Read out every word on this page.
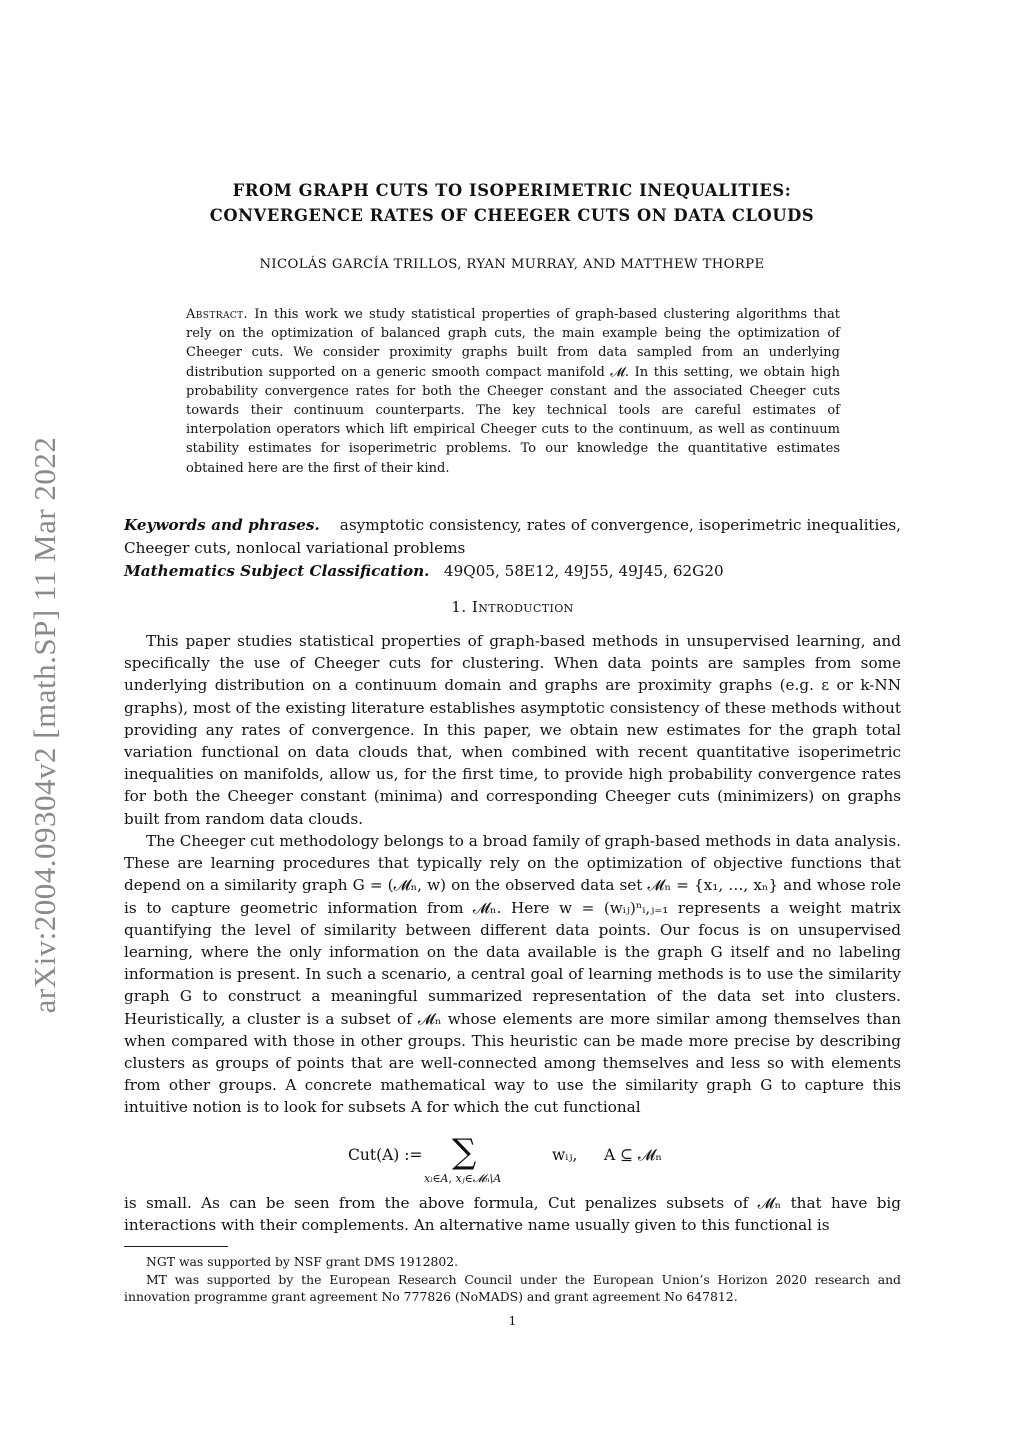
arXiv:2004.09304v2 [math.SP] 11 Mar 2022
FROM GRAPH CUTS TO ISOPERIMETRIC INEQUALITIES:
CONVERGENCE RATES OF CHEEGER CUTS ON DATA CLOUDS
NICOLÁS GARCÍA TRILLOS, RYAN MURRAY, AND MATTHEW THORPE
Abstract. In this work we study statistical properties of graph-based clustering algorithms that rely on the optimization of balanced graph cuts, the main example being the optimization of Cheeger cuts. We consider proximity graphs built from data sampled from an underlying distribution supported on a generic smooth compact manifold 𝓜. In this setting, we obtain high probability convergence rates for both the Cheeger constant and the associated Cheeger cuts towards their continuum counterparts. The key technical tools are careful estimates of interpolation operators which lift empirical Cheeger cuts to the continuum, as well as continuum stability estimates for isoperimetric problems. To our knowledge the quantitative estimates obtained here are the first of their kind.
Keywords and phrases. asymptotic consistency, rates of convergence, isoperimetric inequalities, Cheeger cuts, nonlocal variational problems
Mathematics Subject Classification. 49Q05, 58E12, 49J55, 49J45, 62G20
1. Introduction
This paper studies statistical properties of graph-based methods in unsupervised learning, and specifically the use of Cheeger cuts for clustering. When data points are samples from some underlying distribution on a continuum domain and graphs are proximity graphs (e.g. ε or k-NN graphs), most of the existing literature establishes asymptotic consistency of these methods without providing any rates of convergence. In this paper, we obtain new estimates for the graph total variation functional on data clouds that, when combined with recent quantitative isoperimetric inequalities on manifolds, allow us, for the first time, to provide high probability convergence rates for both the Cheeger constant (minima) and corresponding Cheeger cuts (minimizers) on graphs built from random data clouds.
The Cheeger cut methodology belongs to a broad family of graph-based methods in data analysis. These are learning procedures that typically rely on the optimization of objective functions that depend on a similarity graph G = (𝓜ₙ, w) on the observed data set 𝓜ₙ = {x₁, …, xₙ} and whose role is to capture geometric information from 𝓜ₙ. Here w = (wᵢⱼ)ⁿᵢ,ⱼ₌₁ represents a weight matrix quantifying the level of similarity between different data points. Our focus is on unsupervised learning, where the only information on the data available is the graph G itself and no labeling information is present. In such a scenario, a central goal of learning methods is to use the similarity graph G to construct a meaningful summarized representation of the data set into clusters. Heuristically, a cluster is a subset of 𝓜ₙ whose elements are more similar among themselves than when compared with those in other groups. This heuristic can be made more precise by describing clusters as groups of points that are well-connected among themselves and less so with elements from other groups. A concrete mathematical way to use the similarity graph G to capture this intuitive notion is to look for subsets A for which the cut functional
Cut(A) := ∑
xᵢ∈A, xⱼ∈𝓜ₙ\A
wᵢⱼ, A ⊆ 𝓜ₙ
is small. As can be seen from the above formula, Cut penalizes subsets of 𝓜ₙ that have big interactions with their complements. An alternative name usually given to this functional is
NGT was supported by NSF grant DMS 1912802.
MT was supported by the European Research Council under the European Union’s Horizon 2020 research and innovation programme grant agreement No 777826 (NoMADS) and grant agreement No 647812.
1
